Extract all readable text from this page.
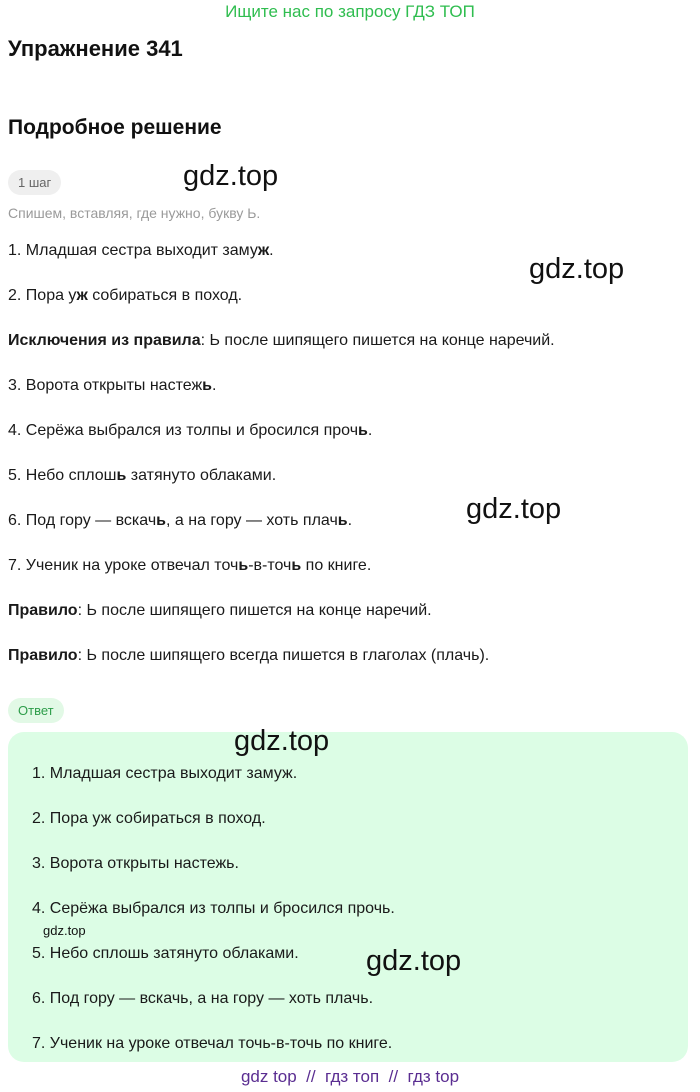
Ищите нас по запросу ГДЗ ТОП
Упражнение 341
Подробное решение
1 шаг	gdz.top
Спишем, вставляя, где нужно, букву Ь.
1. Младшая сестра выходит замуж.
gdz.top
2. Пора уж собираться в поход.
Исключения из правила: Ь после шипящего пишется на конце наречий.
3. Ворота открыты настежь.
4. Серёжа выбрался из толпы и бросился прочь.
5. Небо сплошь затянуто облаками.
6. Под гору — вскачь, а на гору — хоть плачь.	gdz.top
7. Ученик на уроке отвечал точь-в-точь по книге.
Правило: Ь после шипящего пишется на конце наречий.
Правило: Ь после шипящего всегда пишется в глаголах (плачь).
Ответ
gdz.top
1. Младшая сестра выходит замуж.
2. Пора уж собираться в поход.
3. Ворота открыты настежь.
4. Серёжа выбрался из толпы и бросился прочь.
gdz.top
5. Небо сплошь затянуто облаками. gdz.top
6. Под гору — вскачь, а на гору — хоть плачь.
7. Ученик на уроке отвечал точь-в-точь по книге.
gdz top  //  гдз топ  //  гдз top
